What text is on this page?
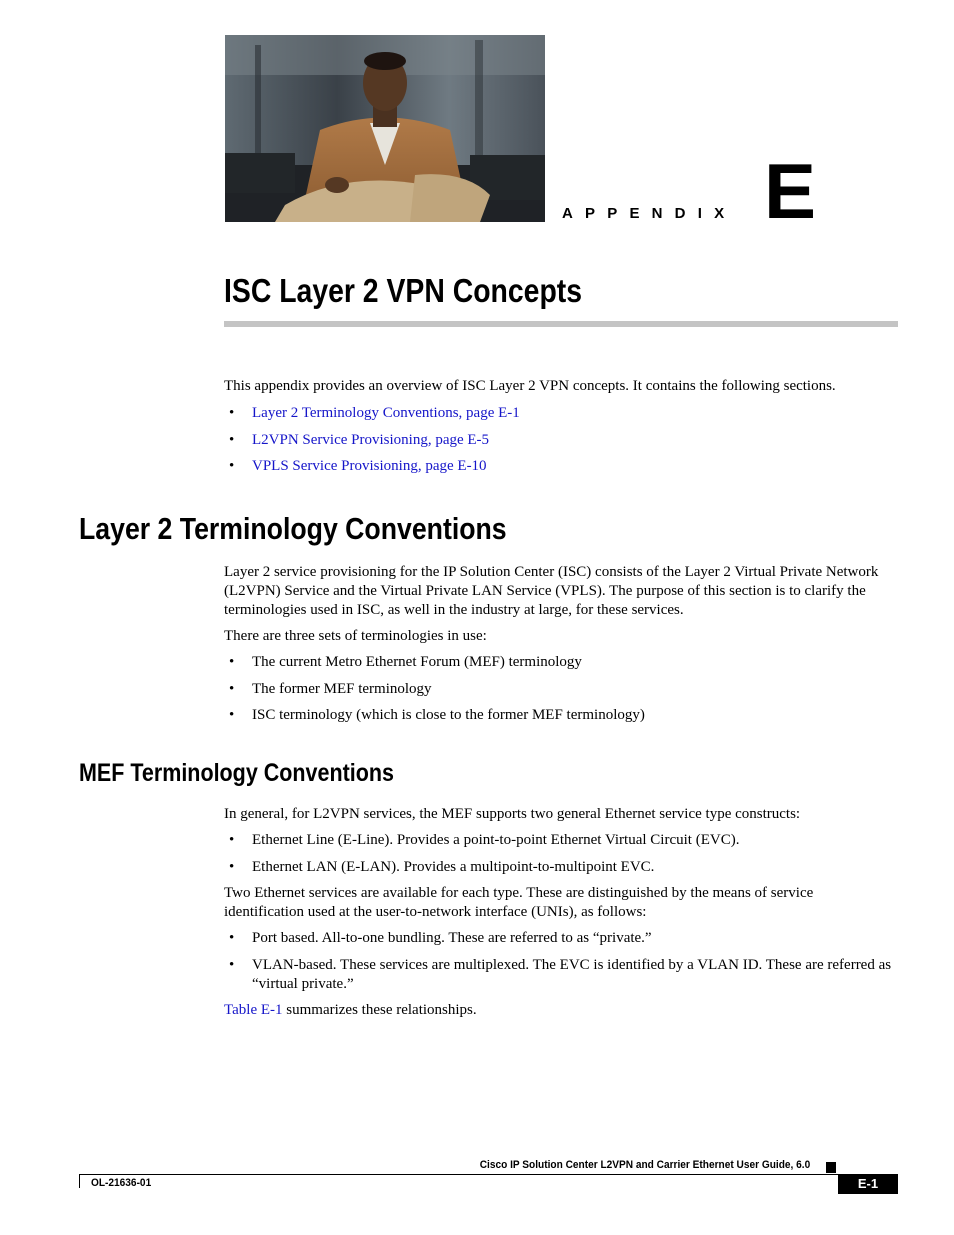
APPENDIX E
ISC Layer 2 VPN Concepts
This appendix provides an overview of ISC Layer 2 VPN concepts. It contains the following sections.
• Layer 2 Terminology Conventions, page E-1
• L2VPN Service Provisioning, page E-5
• VPLS Service Provisioning, page E-10
Layer 2 Terminology Conventions
Layer 2 service provisioning for the IP Solution Center (ISC) consists of the Layer 2 Virtual Private Network (L2VPN) Service and the Virtual Private LAN Service (VPLS). The purpose of this section is to clarify the terminologies used in ISC, as well in the industry at large, for these services.
There are three sets of terminologies in use:
• The current Metro Ethernet Forum (MEF) terminology
• The former MEF terminology
• ISC terminology (which is close to the former MEF terminology)
MEF Terminology Conventions
In general, for L2VPN services, the MEF supports two general Ethernet service type constructs:
• Ethernet Line (E-Line). Provides a point-to-point Ethernet Virtual Circuit (EVC).
• Ethernet LAN (E-LAN). Provides a multipoint-to-multipoint EVC.
Two Ethernet services are available for each type. These are distinguished by the means of service identification used at the user-to-network interface (UNIs), as follows:
• Port based. All-to-one bundling. These are referred to as “private.”
• VLAN-based. These services are multiplexed. The EVC is identified by a VLAN ID. These are referred as “virtual private.”
Table E-1 summarizes these relationships.
Cisco IP Solution Center L2VPN and Carrier Ethernet User Guide, 6.0
OL-21636-01	E-1
